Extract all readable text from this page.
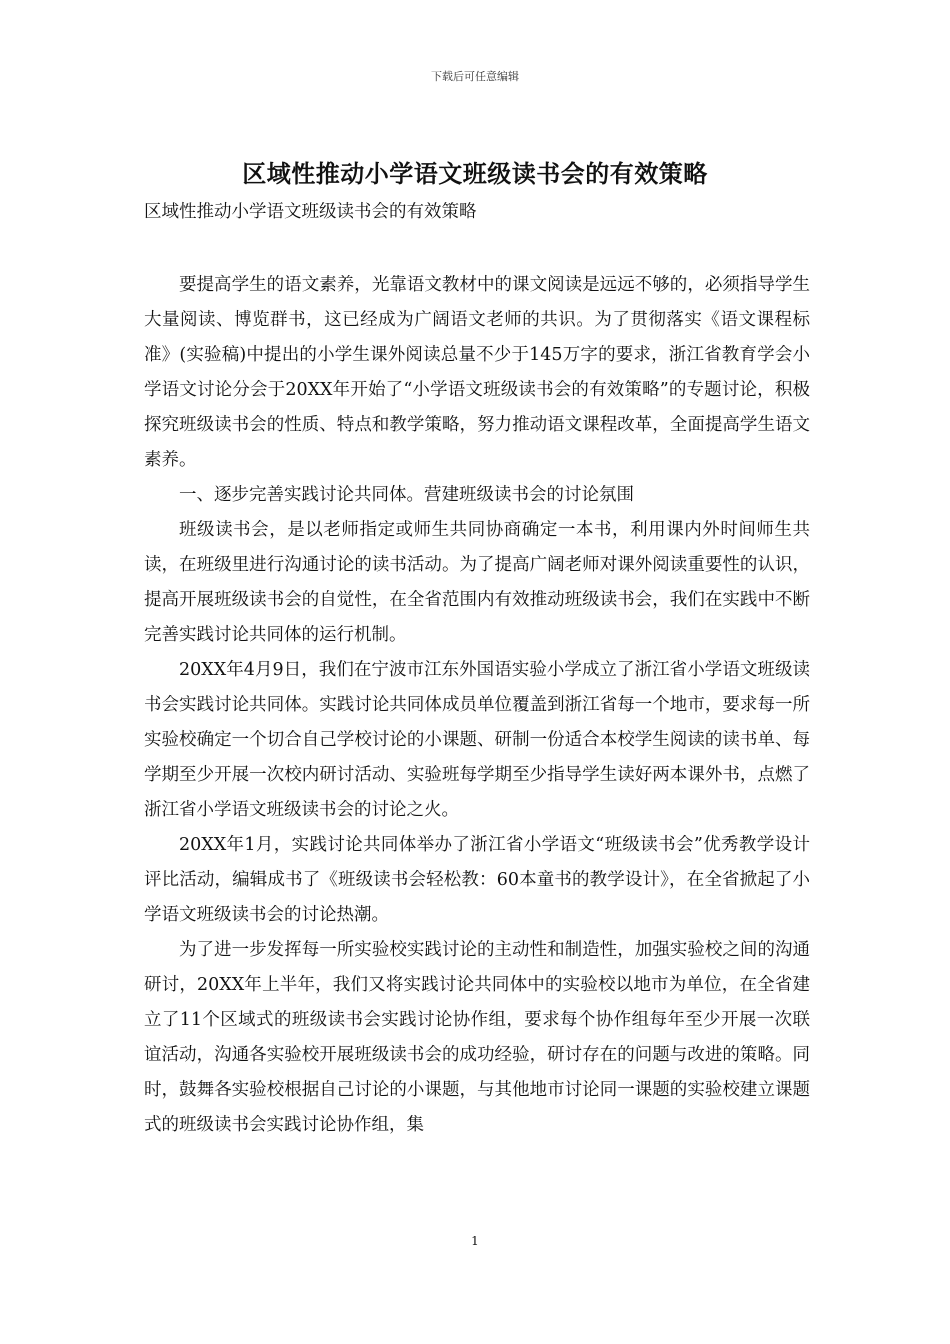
下载后可任意编辑
区域性推动小学语文班级读书会的有效策略

区域性推动小学语文班级读书会的有效策略

要提高学生的语文素养，光靠语文教材中的课文阅读是远远不够的，必须指导学生大量阅读、博览群书，这已经成为广阔语文老师的共识。为了贯彻落实《语文课程标准》(实验稿)中提出的小学生课外阅读总量不少于145万字的要求，浙江省教育学会小学语文讨论分会于20XX年开始了“小学语文班级读书会的有效策略”的专题讨论，积极探究班级读书会的性质、特点和教学策略，努力推动语文课程改革，全面提高学生语文素养。

一、逐步完善实践讨论共同体。营建班级读书会的讨论氛围

班级读书会，是以老师指定或师生共同协商确定一本书，利用课内外时间师生共读，在班级里进行沟通讨论的读书活动。为了提高广阔老师对课外阅读重要性的认识，提高开展班级读书会的自觉性，在全省范围内有效推动班级读书会，我们在实践中不断完善实践讨论共同体的运行机制。

20XX年4月9日，我们在宁波市江东外国语实验小学成立了浙江省小学语文班级读书会实践讨论共同体。实践讨论共同体成员单位覆盖到浙江省每一个地市，要求每一所实验校确定一个切合自己学校讨论的小课题、研制一份适合本校学生阅读的读书单、每学期至少开展一次校内研讨活动、实验班每学期至少指导学生读好两本课外书，点燃了浙江省小学语文班级读书会的讨论之火。

20XX年1月，实践讨论共同体举办了浙江省小学语文“班级读书会”优秀教学设计评比活动，编辑成书了《班级读书会轻松教：60本童书的教学设计》，在全省掀起了小学语文班级读书会的讨论热潮。

为了进一步发挥每一所实验校实践讨论的主动性和制造性，加强实验校之间的沟通研讨，20XX年上半年，我们又将实践讨论共同体中的实验校以地市为单位，在全省建立了11个区域式的班级读书会实践讨论协作组，要求每个协作组每年至少开展一次联谊活动，沟通各实验校开展班级读书会的成功经验，研讨存在的问题与改进的策略。同时，鼓舞各实验校根据自己讨论的小课题，与其他地市讨论同一课题的实验校建立课题式的班级读书会实践讨论协作组，集

1
